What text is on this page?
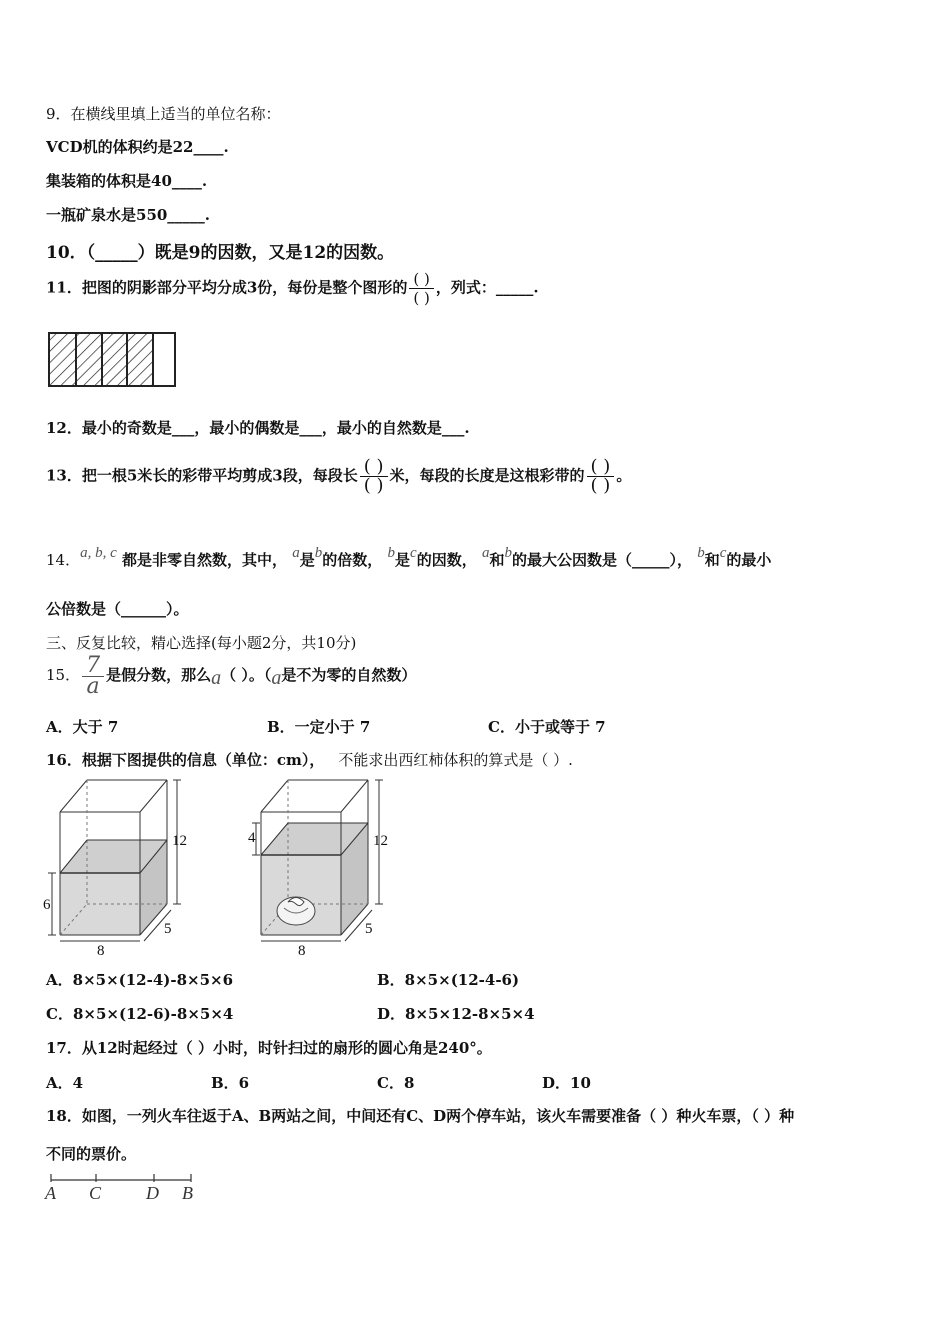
9．在横线里填上适当的单位名称：
VCD机的体积约是22____.
集装箱的体积是40____.
一瓶矿泉水是550_____.
10．（_____）既是9的因数，又是12的因数。
11．把图的阴影部分平均分成3份，每份是整个图形的 $\frac{( )}{( )}$ ，列式：_____.
12．最小的奇数是___，最小的偶数是___，最小的自然数是___.
13．把一根5米长的彩带平均剪成3段，每段长 $\frac{( )}{( )}$ 米，每段的长度是这根彩带的 $\frac{( )}{( )}$ 。
14．a, b, c 都是非零自然数，其中， a是b的倍数， b是c的因数， a和b的最大公因数是（_____）， b和c的最小
公倍数是（______）。
三、反复比较，精心选择(每小题2分，共10分)
15． $\frac{7}{a}$ 是假分数，那么a（ ）。（a是不为零的自然数）
A．大于 7	B．一定小于 7	C．小于或等于 7
16．根据下图提供的信息（单位：cm）， 不能求出西红柿体积的算式是（ ）.
12
6
8
5
12
4
8
5
A．8×5×(12-4)-8×5×6	B．8×5×(12-4-6)
C．8×5×(12-6)-8×5×4	D．8×5×12-8×5×4
17．从12时起经过（ ）小时，时针扫过的扇形的圆心角是240°。
A．4	B．6	C．8	D．10
18．如图，一列火车往返于A、B两站之间，中间还有C、D两个停车站，该火车需要准备（ ）种火车票，（ ）种
不同的票价。
A C D B
